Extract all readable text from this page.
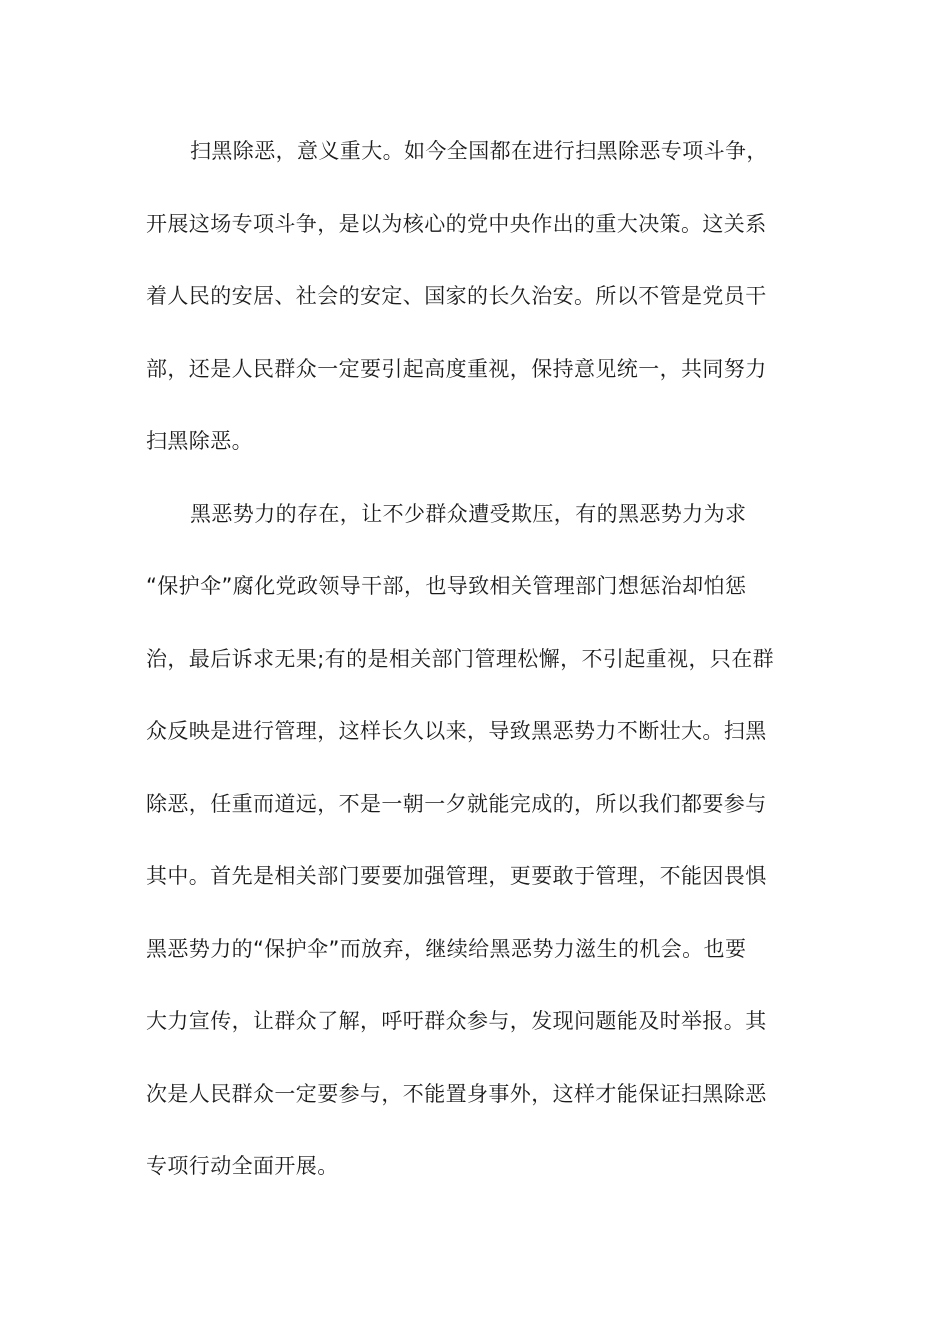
扫黑除恶，意义重大。如今全国都在进行扫黑除恶专项斗争，

开展这场专项斗争，是以为核心的党中央作出的重大决策。这关系

着人民的安居、社会的安定、国家的长久治安。所以不管是党员干

部，还是人民群众一定要引起高度重视，保持意见统一，共同努力

扫黑除恶。

黑恶势力的存在，让不少群众遭受欺压，有的黑恶势力为求

“保护伞”腐化党政领导干部，也导致相关管理部门想惩治却怕惩

治，最后诉求无果;有的是相关部门管理松懈，不引起重视，只在群

众反映是进行管理，这样长久以来，导致黑恶势力不断壮大。扫黑

除恶，任重而道远，不是一朝一夕就能完成的，所以我们都要参与

其中。首先是相关部门要要加强管理，更要敢于管理，不能因畏惧

黑恶势力的“保护伞”而放弃，继续给黑恶势力滋生的机会。也要

大力宣传，让群众了解，呼吁群众参与，发现问题能及时举报。其

次是人民群众一定要参与，不能置身事外，这样才能保证扫黑除恶

专项行动全面开展。
